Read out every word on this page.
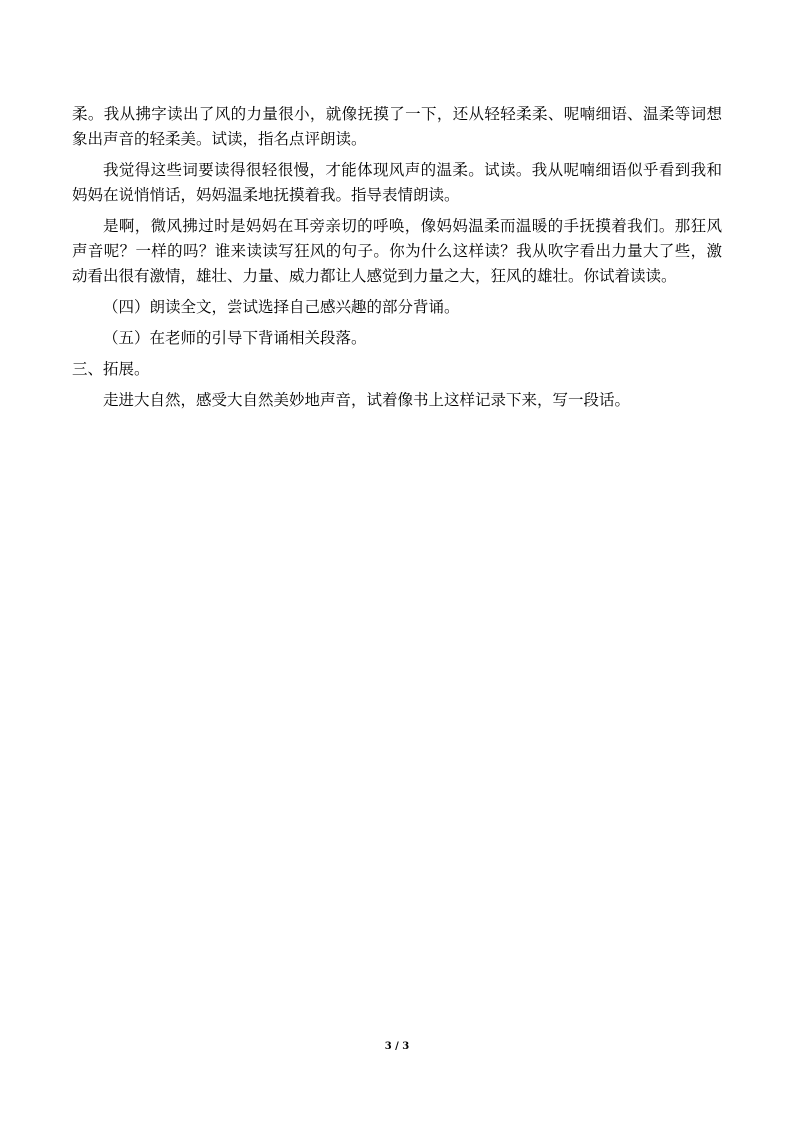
柔。我从拂字读出了风的力量很小，就像抚摸了一下，还从轻轻柔柔、呢喃细语、温柔等词想象出声音的轻柔美。试读，指名点评朗读。

我觉得这些词要读得很轻很慢，才能体现风声的温柔。试读。我从呢喃细语似乎看到我和妈妈在说悄悄话，妈妈温柔地抚摸着我。指导表情朗读。

是啊，微风拂过时是妈妈在耳旁亲切的呼唤，像妈妈温柔而温暖的手抚摸着我们。那狂风声音呢？一样的吗？谁来读读写狂风的句子。你为什么这样读？我从吹字看出力量大了些，激动看出很有激情，雄壮、力量、威力都让人感觉到力量之大，狂风的雄壮。你试着读读。

（四）朗读全文，尝试选择自己感兴趣的部分背诵。

（五）在老师的引导下背诵相关段落。

三、拓展。

走进大自然，感受大自然美妙地声音，试着像书上这样记录下来，写一段话。

3 / 3
